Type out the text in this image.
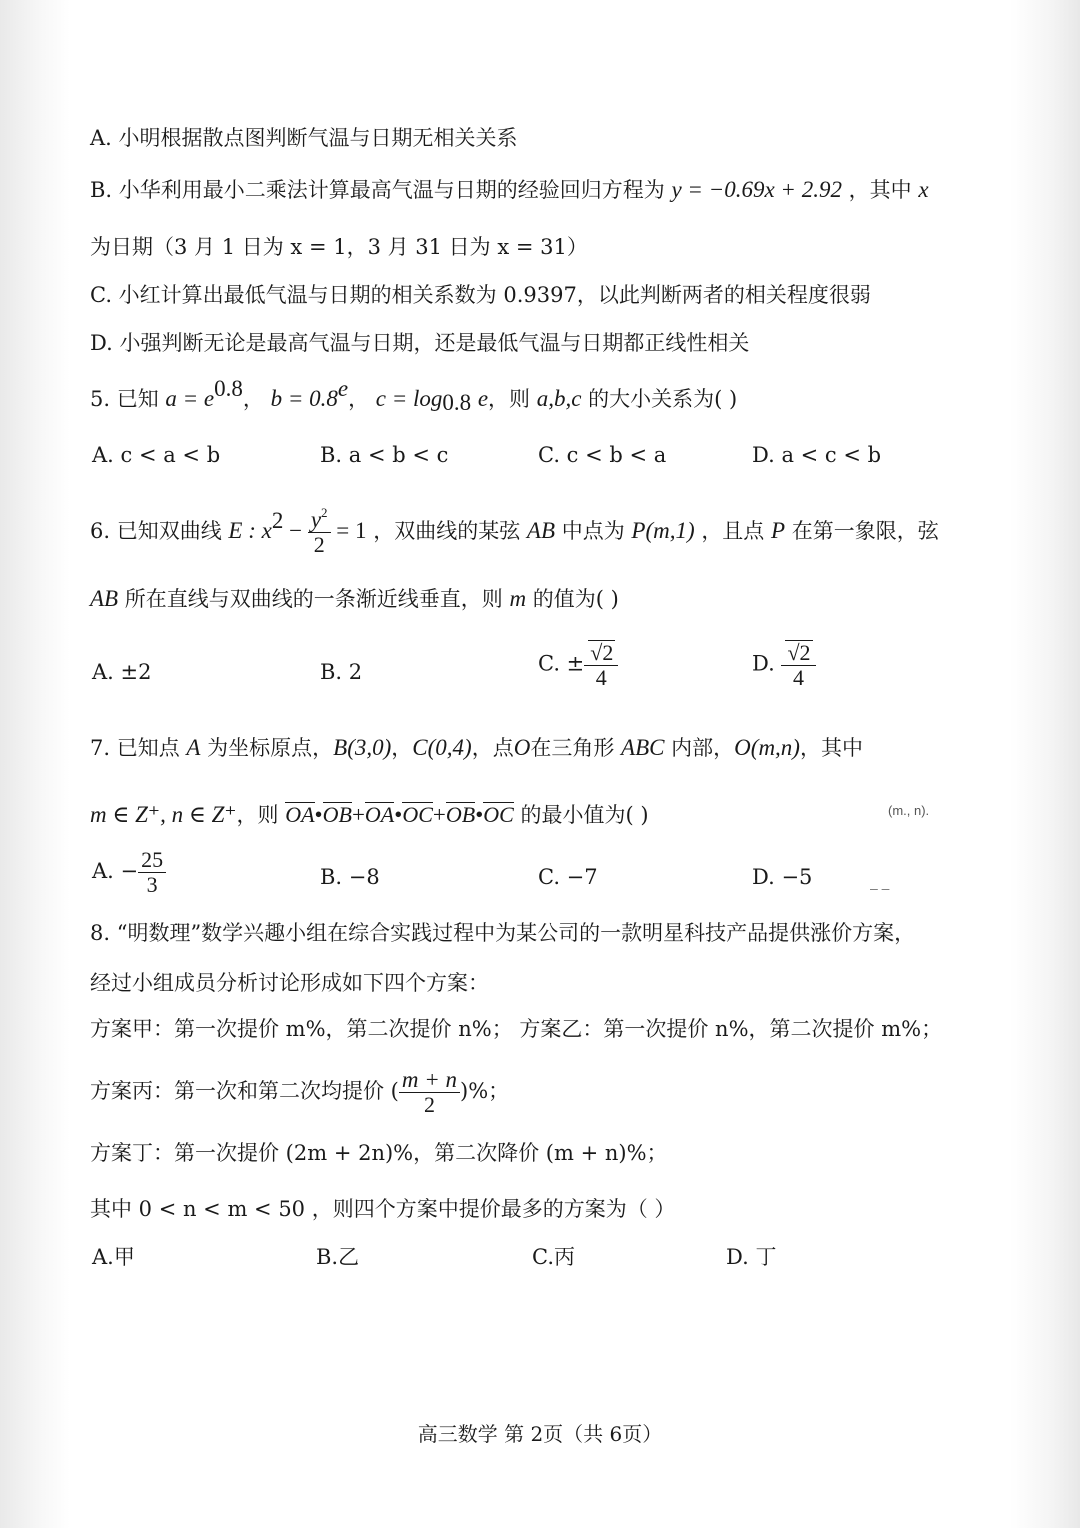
A. 小明根据散点图判断气温与日期无相关关系
B. 小华利用最小二乘法计算最高气温与日期的经验回归方程为 y = −0.69x + 2.92 ，其中 x
为日期（3 月 1 日为 x = 1，3 月 31 日为 x = 31）
C. 小红计算出最低气温与日期的相关系数为 0.9397，以此判断两者的相关程度很弱
D. 小强判断无论是最高气温与日期，还是最低气温与日期都正线性相关
5. 已知 $a = e^{0.8}$， b = 0.8$^e$， $c = \log_{0.8} e$，则 a,b,c 的大小关系为( )
A. c < a < b	B. a < b < c	C. c < b < a	D. a < c < b
6. 已知双曲线 E : $x^2 - \frac{y^2}{2} = 1$ ，双曲线的某弦 AB 中点为 P(m,1) ，且点 P 在第一象限，弦
AB 所在直线与双曲线的一条渐近线垂直，则 m 的值为( )
A. ±2	B. 2	C. ± $\frac{√2}{4}$	D. $\frac{√2}{4}$
7. 已知点 A 为坐标原点，B(3,0)，C(0,4)，点O在三角形 ABC 内部，O(m,n)，其中
m ∈ Z⁺, n ∈ Z⁺，则 OA•OB+OA•OC+OB•OC 的最小值为( )	(m., n).
A. − $\frac{25}{3}$	B. −8	C. −7	D. −5	– –
8. “明数理”数学兴趣小组在综合实践过程中为某公司的一款明星科技产品提供涨价方案，
经过小组成员分析讨论形成如下四个方案：
方案甲：第一次提价 m%，第二次提价 n%； 方案乙：第一次提价 n%，第二次提价 m%；
方案丙：第一次和第二次均提价 ( $\frac{m + n}{2}$ )%；
方案丁：第一次提价 (2m + 2n)%，第二次降价 (m + n)%；
其中 0 < n < m < 50 ，则四个方案中提价最多的方案为（ ）
A.甲	B.乙	C.丙	D. 丁
高三数学 第 2页（共 6页）
